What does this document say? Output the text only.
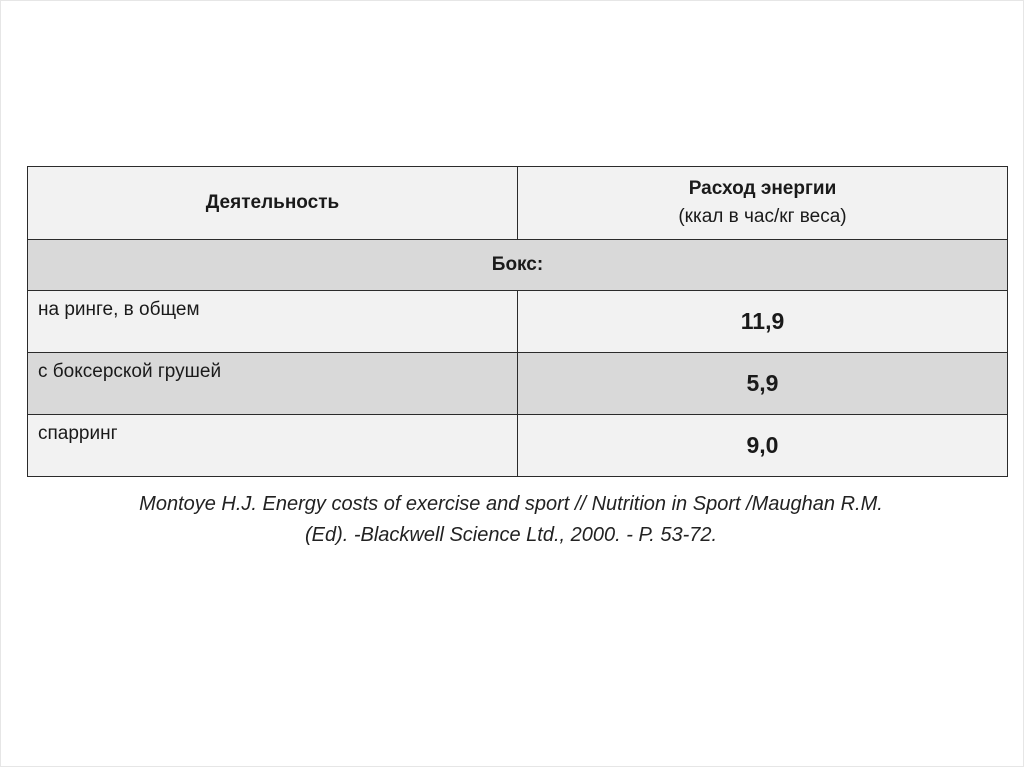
Деятельность	Расход энергии
(ккал в час/кг веса)

Бокс:	
на ринге, в общем	11,9
с боксерской грушей	5,9
спарринг	9,0
Montoye H.J. Energy costs of exercise and sport // Nutrition in Sport /Maughan R.M.
(Ed). -Blackwell Science Ltd., 2000. - P. 53-72.
